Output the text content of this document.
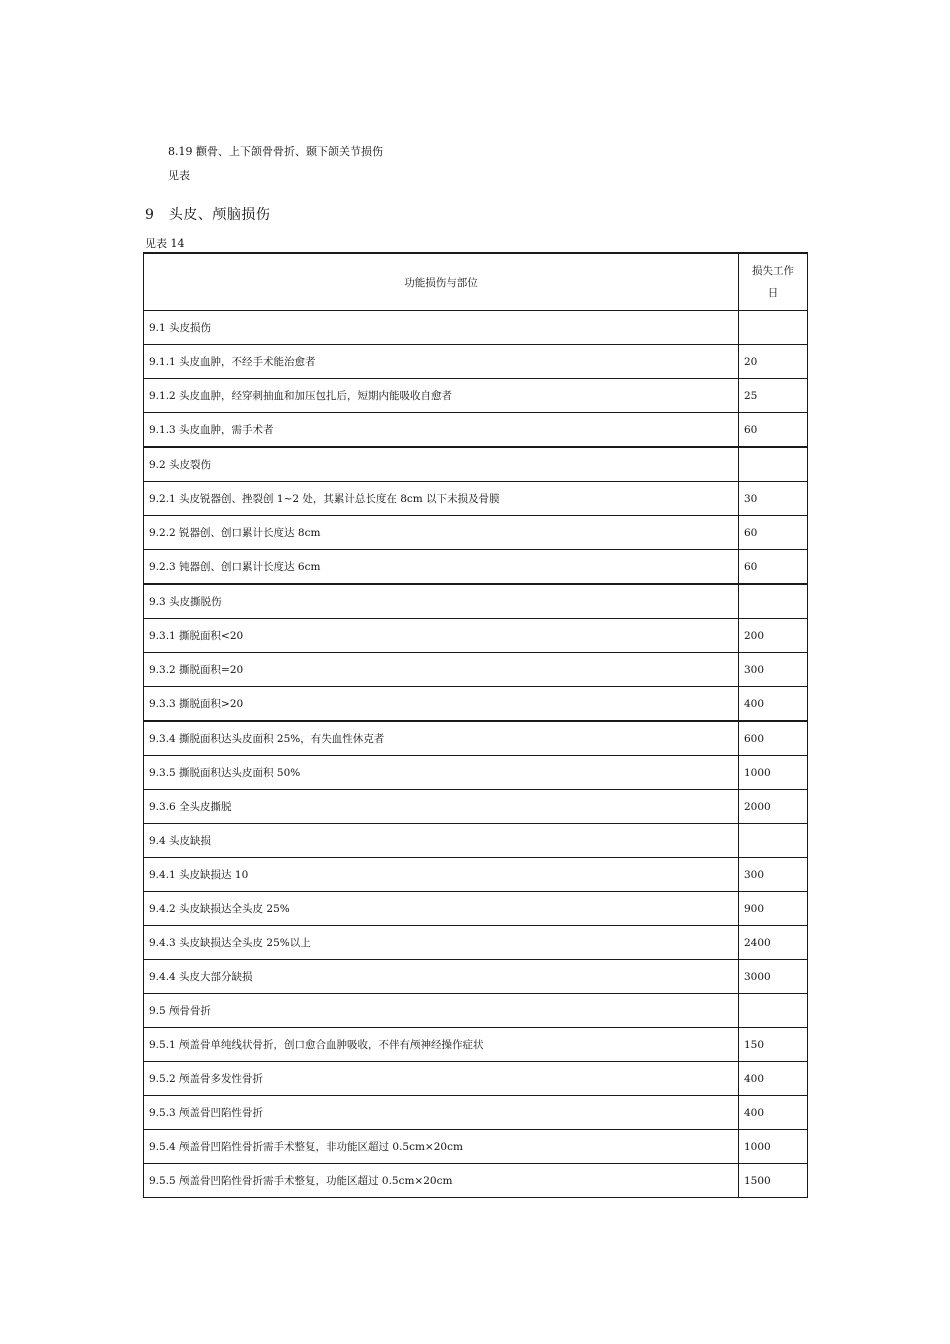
8.19 颧骨、上下颌骨骨折、颞下颌关节损伤
见表
9　头皮、颅脑损伤
见表 14
功能损伤与部位	损失工作日
9.1 头皮损伤	
9.1.1 头皮血肿，不经手术能治愈者	20
9.1.2 头皮血肿，经穿刺抽血和加压包扎后，短期内能吸收自愈者	25
9.1.3 头皮血肿，需手术者	60
9.2 头皮裂伤	
9.2.1 头皮锐器创、挫裂创 1~2 处，其累计总长度在 8cm 以下未损及骨膜	30
9.2.2 锐器创、创口累计长度达 8cm	60
9.2.3 钝器创、创口累计长度达 6cm	60
9.3 头皮撕脱伤	
9.3.1 撕脱面积<20	200
9.3.2 撕脱面积=20	300
9.3.3 撕脱面积>20	400
9.3.4 撕脱面积达头皮面积 25%，有失血性休克者	600
9.3.5 撕脱面积达头皮面积 50%	1000
9.3.6 全头皮撕脱	2000
9.4 头皮缺损	
9.4.1 头皮缺损达 10	300
9.4.2 头皮缺损达全头皮 25%	900
9.4.3 头皮缺损达全头皮 25%以上	2400
9.4.4 头皮大部分缺损	3000
9.5 颅骨骨折	
9.5.1 颅盖骨单纯线状骨折，创口愈合血肿吸收，不伴有颅神经操作症状	150
9.5.2 颅盖骨多发性骨折	400
9.5.3 颅盖骨凹陷性骨折	400
9.5.4 颅盖骨凹陷性骨折需手术整复，非功能区超过 0.5cm×20cm	1000
9.5.5 颅盖骨凹陷性骨折需手术整复，功能区超过 0.5cm×20cm	1500
